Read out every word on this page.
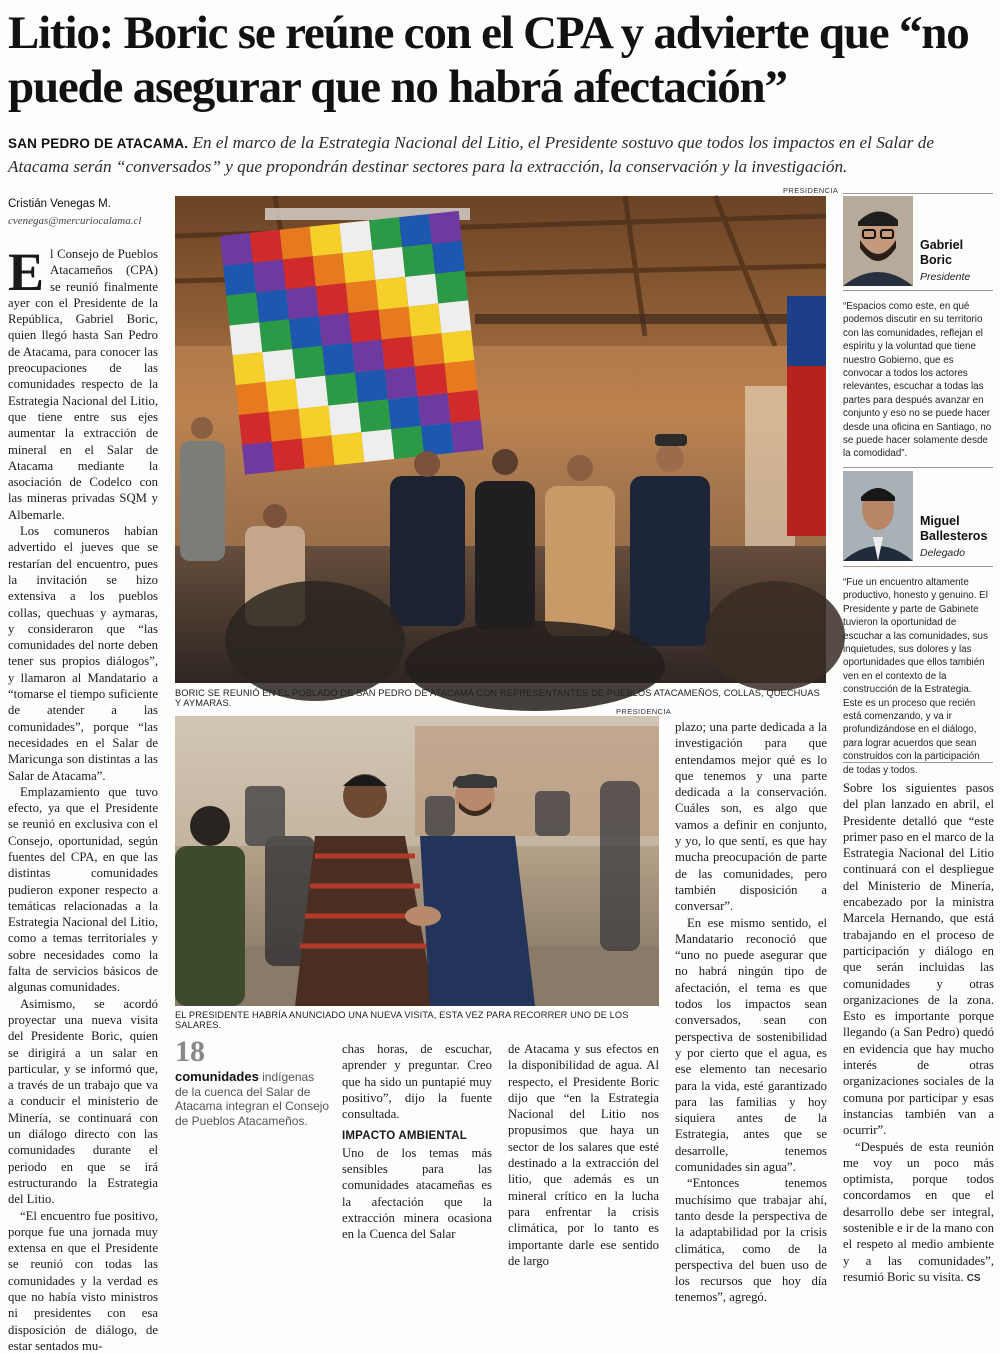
Litio: Boric se reúne con el CPA y advierte que “no puede asegurar que no habrá afectación”
SAN PEDRO DE ATACAMA. En el marco de la Estrategia Nacional del Litio, el Presidente sostuvo que todos los impactos en el Salar de Atacama serán “conversados” y que propondrán destinar sectores para la extracción, la conservación y la investigación.
Cristián Venegas M.
cvenegas@mercuriocalama.cl

El Consejo de Pueblos Atacameños (CPA) se reunió finalmente ayer con el Presidente de la República, Gabriel Boric, quien llegó hasta San Pedro de Atacama, para conocer las preocupaciones de las comunidades respecto de la Estrategia Nacional del Litio, que tiene entre sus ejes aumentar la extracción de mineral en el Salar de Atacama mediante la asociación de Codelco con las mineras privadas SQM y Albemarle.

Los comuneros habían advertido el jueves que se restarían del encuentro, pues la invitación se hizo extensiva a los pueblos collas, quechuas y aymaras, y consideraron que “las comunidades del norte deben tener sus propios diálogos”, y llamaron al Mandatario a “tomarse el tiempo suficiente de atender a las comunidades”, porque “las necesidades en el Salar de Maricunga son distintas a las Salar de Atacama”.

Emplazamiento que tuvo efecto, ya que el Presidente se reunió en exclusiva con el Consejo, oportunidad, según fuentes del CPA, en que las distintas comunidades pudieron exponer respecto a temáticas relacionadas a la Estrategia Nacional del Litio, como a temas territoriales y sobre necesidades como la falta de servicios básicos de algunas comunidades.

Asimismo, se acordó proyectar una nueva visita del Presidente Boric, quien se dirigirá a un salar en particular, y se informó que, a través de un trabajo que va a conducir el ministerio de Minería, se continuará con un diálogo directo con las comunidades durante el periodo en que se irá estructurando la Estrategia del Litio.

“El encuentro fue positivo, porque fue una jornada muy extensa en que el Presidente se reunió con todas las comunidades y la verdad es que no había visto ministros ni presidentes con esa disposición de diálogo, de estar sentados mu-

PRESIDENCIA
BORIC SE REUNIÓ EN EL POBLADO DE SAN PEDRO DE ATACAMA CON REPRESENTANTES DE PUEBLOS ATACAMEÑOS, COLLAS, QUECHUAS Y AYMARAS.
Gabriel Boric
Presidente
“Espacios como este, en qué podemos discutir en su territorio con las comunidades, reflejan el espíritu y la voluntad que tiene nuestro Gobierno, que es convocar a todos los actores relevantes, escuchar a todas las partes para después avanzar en conjunto y eso no se puede hacer desde una oficina en Santiago, no se puede hacer solamente desde la comodidad”.
Miguel Ballesteros
Delegado
“Fue un encuentro altamente productivo, honesto y genuino. El Presidente y parte de Gabinete tuvieron la oportunidad de escuchar a las comunidades, sus inquietudes, sus dolores y las oportunidades que ellos también ven en el contexto de la construcción de la Estrategia. Este es un proceso que recién está comenzando, y va ir profundizándose en el diálogo, para lograr acuerdos que sean construidos con la participación de todas y todos.
PRESIDENCIA
EL PRESIDENTE HABRÍA ANUNCIADO UNA NUEVA VISITA, ESTA VEZ PARA RECORRER UNO DE LOS SALARES.
18
comunidades indígenas de la cuenca del Salar de Atacama integran el Consejo de Pueblos Atacameños.

chas horas, de escuchar, aprender y preguntar. Creo que ha sido un puntapié muy positivo”, dijo la fuente consultada.

IMPACTO AMBIENTAL

Uno de los temas más sensibles para las comunidades atacameñas es la afectación que la extracción minera ocasiona en la Cuenca del Salar

de Atacama y sus efectos en la disponibilidad de agua. Al respecto, el Presidente Boric dijo que “en la Estrategia Nacional del Litio nos propusimos que haya un sector de los salares que esté destinado a la extracción del litio, que además es un mineral crítico en la lucha para enfrentar la crisis climática, por lo tanto es importante darle ese sentido de largo

plazo; una parte dedicada a la investigación para que entendamos mejor qué es lo que tenemos y una parte dedicada a la conservación. Cuáles son, es algo que vamos a definir en conjunto, y yo, lo que sentí, es que hay mucha preocupación de parte de las comunidades, pero también disposición a conversar”.

En ese mismo sentido, el Mandatario reconoció que “uno no puede asegurar que no habrá ningún tipo de afectación, el tema es que todos los impactos sean conversados, sean con perspectiva de sostenibilidad y por cierto que el agua, es ese elemento tan necesario para la vida, esté garantizado para las familias y hoy siquiera antes de la Estrategia, antes que se desarrolle, tenemos comunidades sin agua”.

“Entonces tenemos muchísimo que trabajar ahí, tanto desde la perspectiva de la adaptabilidad por la crisis climática, como de la perspectiva del buen uso de los recursos que hoy día tenemos”, agregó.

Sobre los siguientes pasos del plan lanzado en abril, el Presidente detalló que “este primer paso en el marco de la Estrategia Nacional del Litio continuará con el despliegue del Ministerio de Minería, encabezado por la ministra Marcela Hernando, que está trabajando en el proceso de participación y diálogo en que serán incluidas las comunidades y otras organizaciones de la zona. Esto es importante porque llegando (a San Pedro) quedó en evidencia que hay mucho interés de otras organizaciones sociales de la comuna por participar y esas instancias también van a ocurrir”.

“Después de esta reunión me voy un poco más optimista, porque todos concordamos en que el desarrollo debe ser integral, sostenible e ir de la mano con el respeto al medio ambiente y a las comunidades”, resumió Boric su visita. CS
